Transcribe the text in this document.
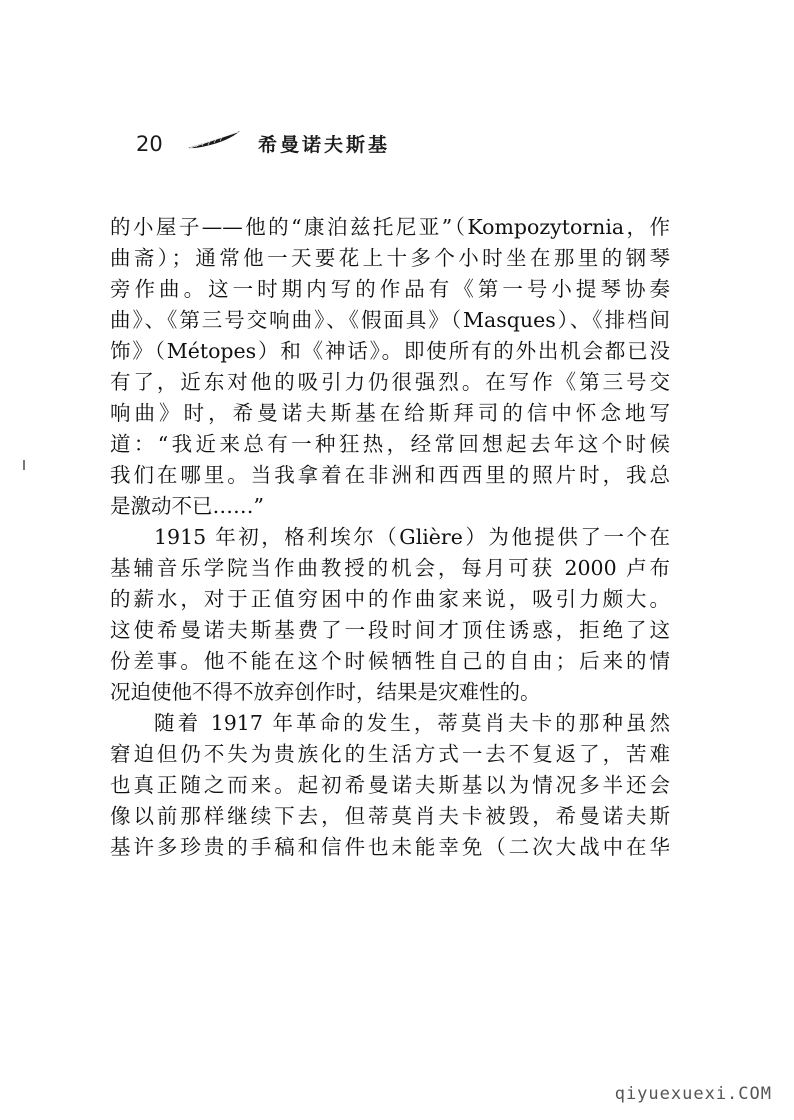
20	希曼诺夫斯基
的小屋子——他的“康泊兹托尼亚”（Kompozytornia，作
曲斋）；通常他一天要花上十多个小时坐在那里的钢琴
旁作曲。这一时期内写的作品有《第一号小提琴协奏
曲》、《第三号交响曲》、《假面具》（Masques）、《排档间
饰》（Métopes）和《神话》。即使所有的外出机会都已没
有了，近东对他的吸引力仍很强烈。在写作《第三号交
响曲》时，希曼诺夫斯基在给斯拜司的信中怀念地写
道：“我近来总有一种狂热，经常回想起去年这个时候
我们在哪里。当我拿着在非洲和西西里的照片时，我总
是激动不已……”
1915 年初，格利埃尔（Glière）为他提供了一个在
基辅音乐学院当作曲教授的机会，每月可获 2000 卢布
的薪水，对于正值穷困中的作曲家来说，吸引力颇大。
这使希曼诺夫斯基费了一段时间才顶住诱惑，拒绝了这
份差事。他不能在这个时候牺牲自己的自由；后来的情
况迫使他不得不放弃创作时，结果是灾难性的。
随着 1917 年革命的发生，蒂莫肖夫卡的那种虽然
窘迫但仍不失为贵族化的生活方式一去不复返了，苦难
也真正随之而来。起初希曼诺夫斯基以为情况多半还会
像以前那样继续下去，但蒂莫肖夫卡被毁，希曼诺夫斯
基许多珍贵的手稿和信件也未能幸免（二次大战中在华
qiyuexuexi.COM
